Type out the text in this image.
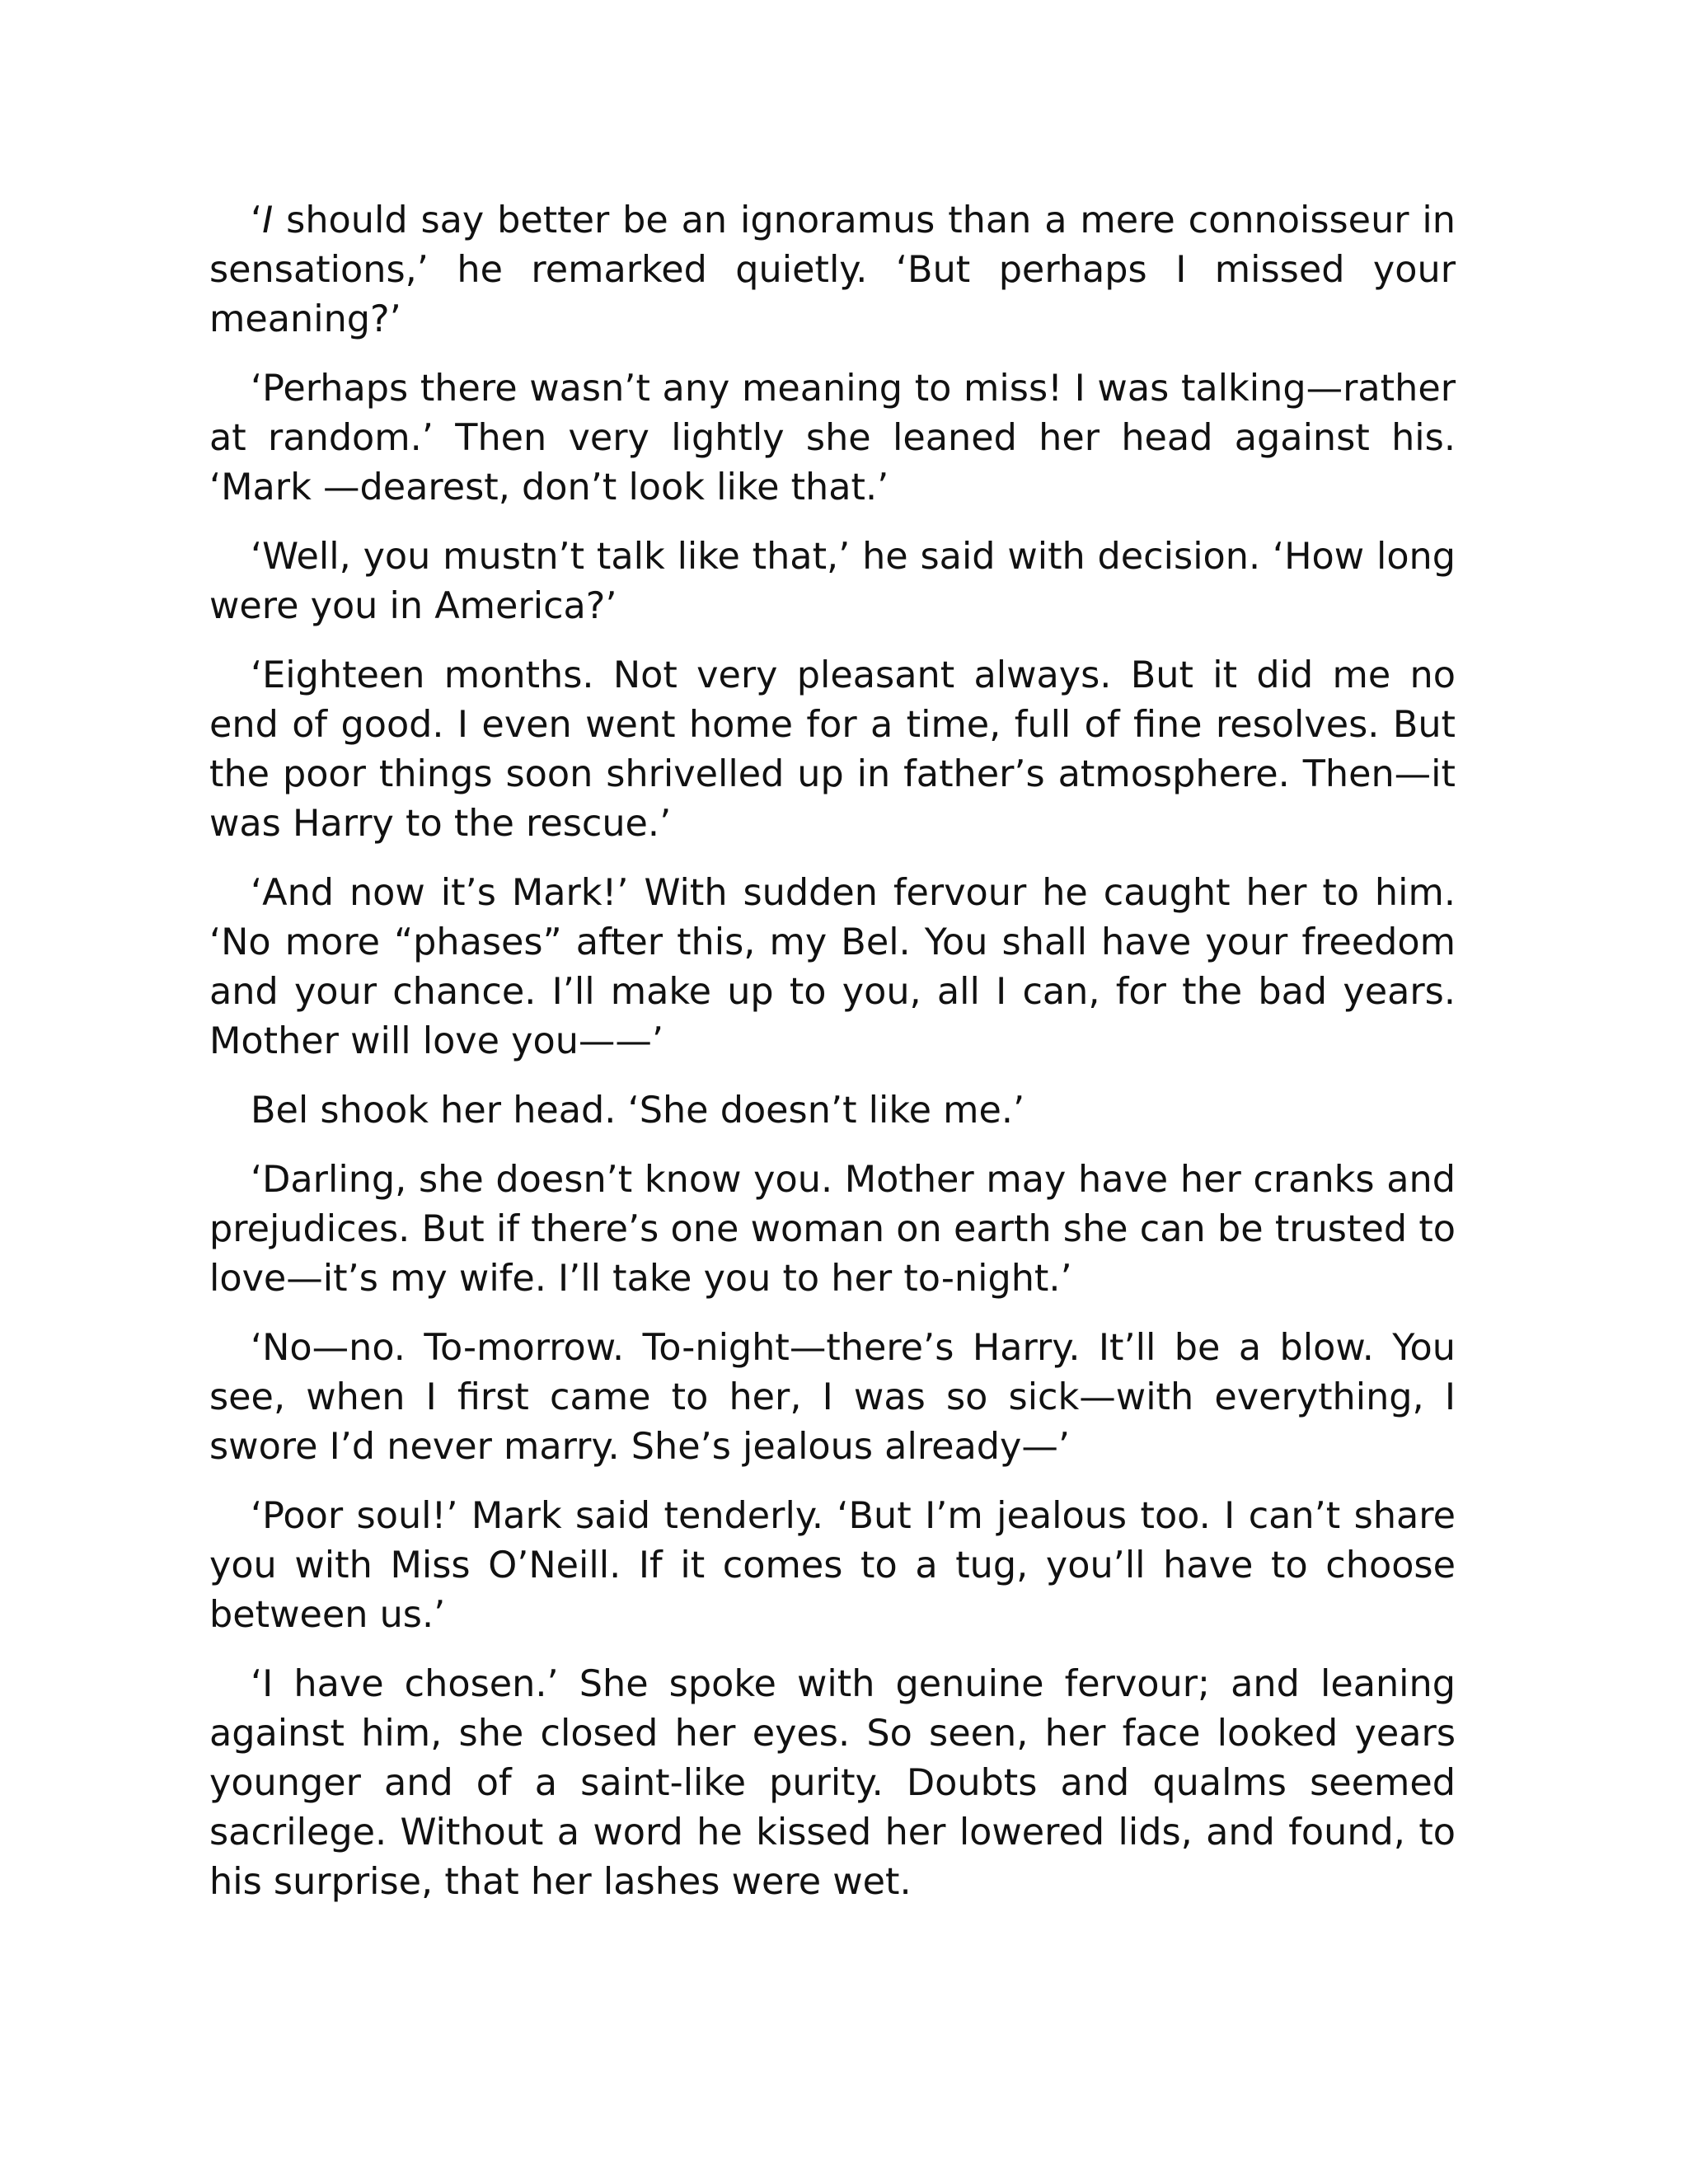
‘I should say better be an ignoramus than a mere connoisseur in sensations,’ he remarked quietly. ‘But perhaps I missed your meaning?’

‘Perhaps there wasn’t any meaning to miss! I was talking—rather at random.’ Then very lightly she leaned her head against his. ‘Mark —dearest, don’t look like that.’

‘Well, you mustn’t talk like that,’ he said with decision. ‘How long were you in America?’

‘Eighteen months. Not very pleasant always. But it did me no end of good. I even went home for a time, full of fine resolves. But the poor things soon shrivelled up in father’s atmosphere. Then—it was Harry to the rescue.’

‘And now it’s Mark!’ With sudden fervour he caught her to him. ‘No more “phases” after this, my Bel. You shall have your freedom and your chance. I’ll make up to you, all I can, for the bad years. Mother will love you——’

Bel shook her head. ‘She doesn’t like me.’

‘Darling, she doesn’t know you. Mother may have her cranks and prejudices. But if there’s one woman on earth she can be trusted to love—it’s my wife. I’ll take you to her to-night.’

‘No—no. To-morrow. To-night—there’s Harry. It’ll be a blow. You see, when I first came to her, I was so sick—with everything, I swore I’d never marry. She’s jealous already—’

‘Poor soul!’ Mark said tenderly. ‘But I’m jealous too. I can’t share you with Miss O’Neill. If it comes to a tug, you’ll have to choose between us.’

‘I have chosen.’ She spoke with genuine fervour; and leaning against him, she closed her eyes. So seen, her face looked years younger and of a saint-like purity. Doubts and qualms seemed sacrilege. Without a word he kissed her lowered lids, and found, to his surprise, that her lashes were wet.
